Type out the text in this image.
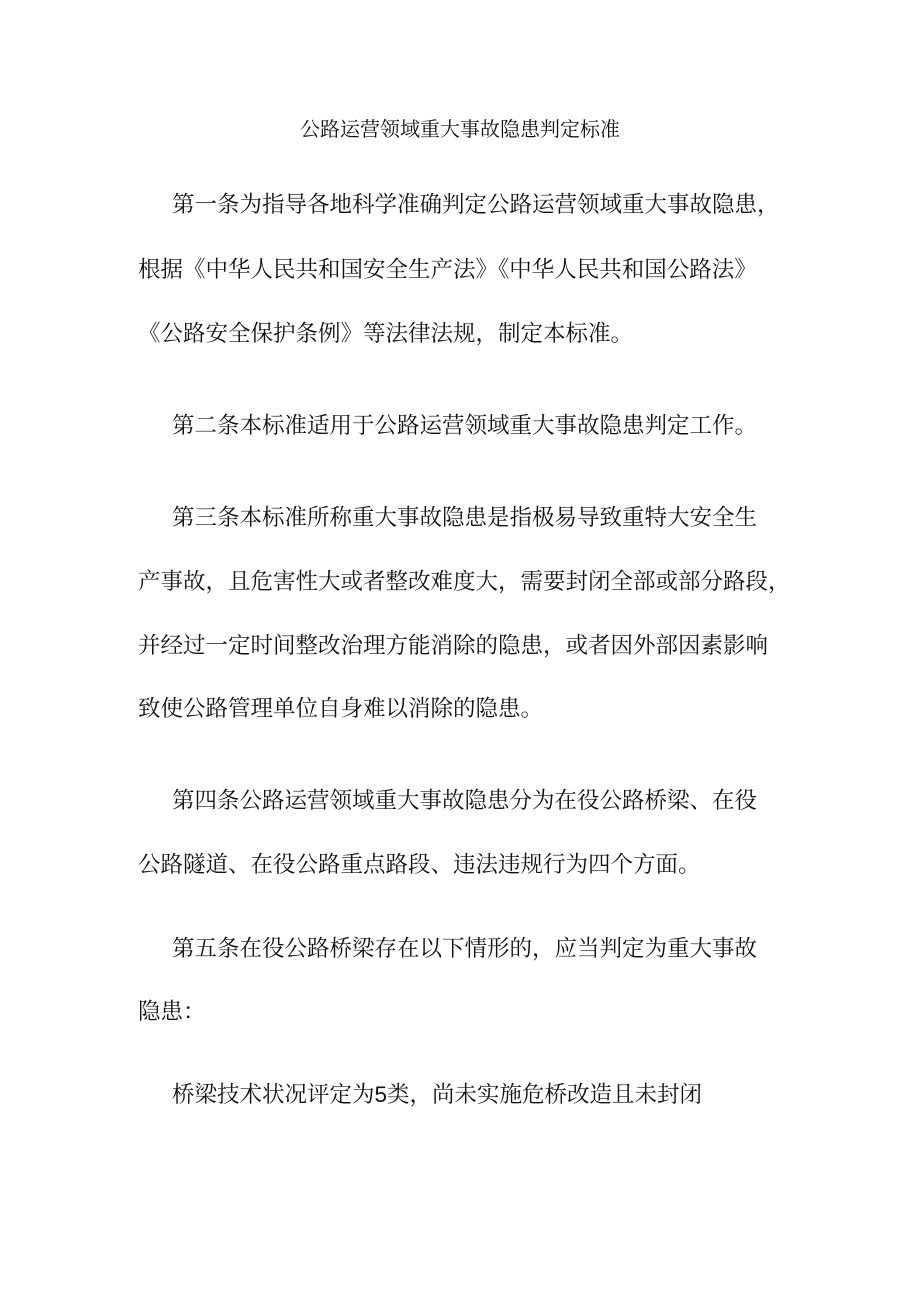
公路运营领域重大事故隐患判定标准
第一条为指导各地科学准确判定公路运营领域重大事故隐患，
根据《中华人民共和国安全生产法》《中华人民共和国公路法》
《公路安全保护条例》等法律法规，制定本标准。
第二条本标准适用于公路运营领域重大事故隐患判定工作。
第三条本标准所称重大事故隐患是指极易导致重特大安全生
产事故，且危害性大或者整改难度大，需要封闭全部或部分路段，
并经过一定时间整改治理方能消除的隐患，或者因外部因素影响
致使公路管理单位自身难以消除的隐患。
第四条公路运营领域重大事故隐患分为在役公路桥梁、在役
公路隧道、在役公路重点路段、违法违规行为四个方面。
第五条在役公路桥梁存在以下情形的，应当判定为重大事故
隐患：
桥梁技术状况评定为5类，尚未实施危桥改造且未封闭
